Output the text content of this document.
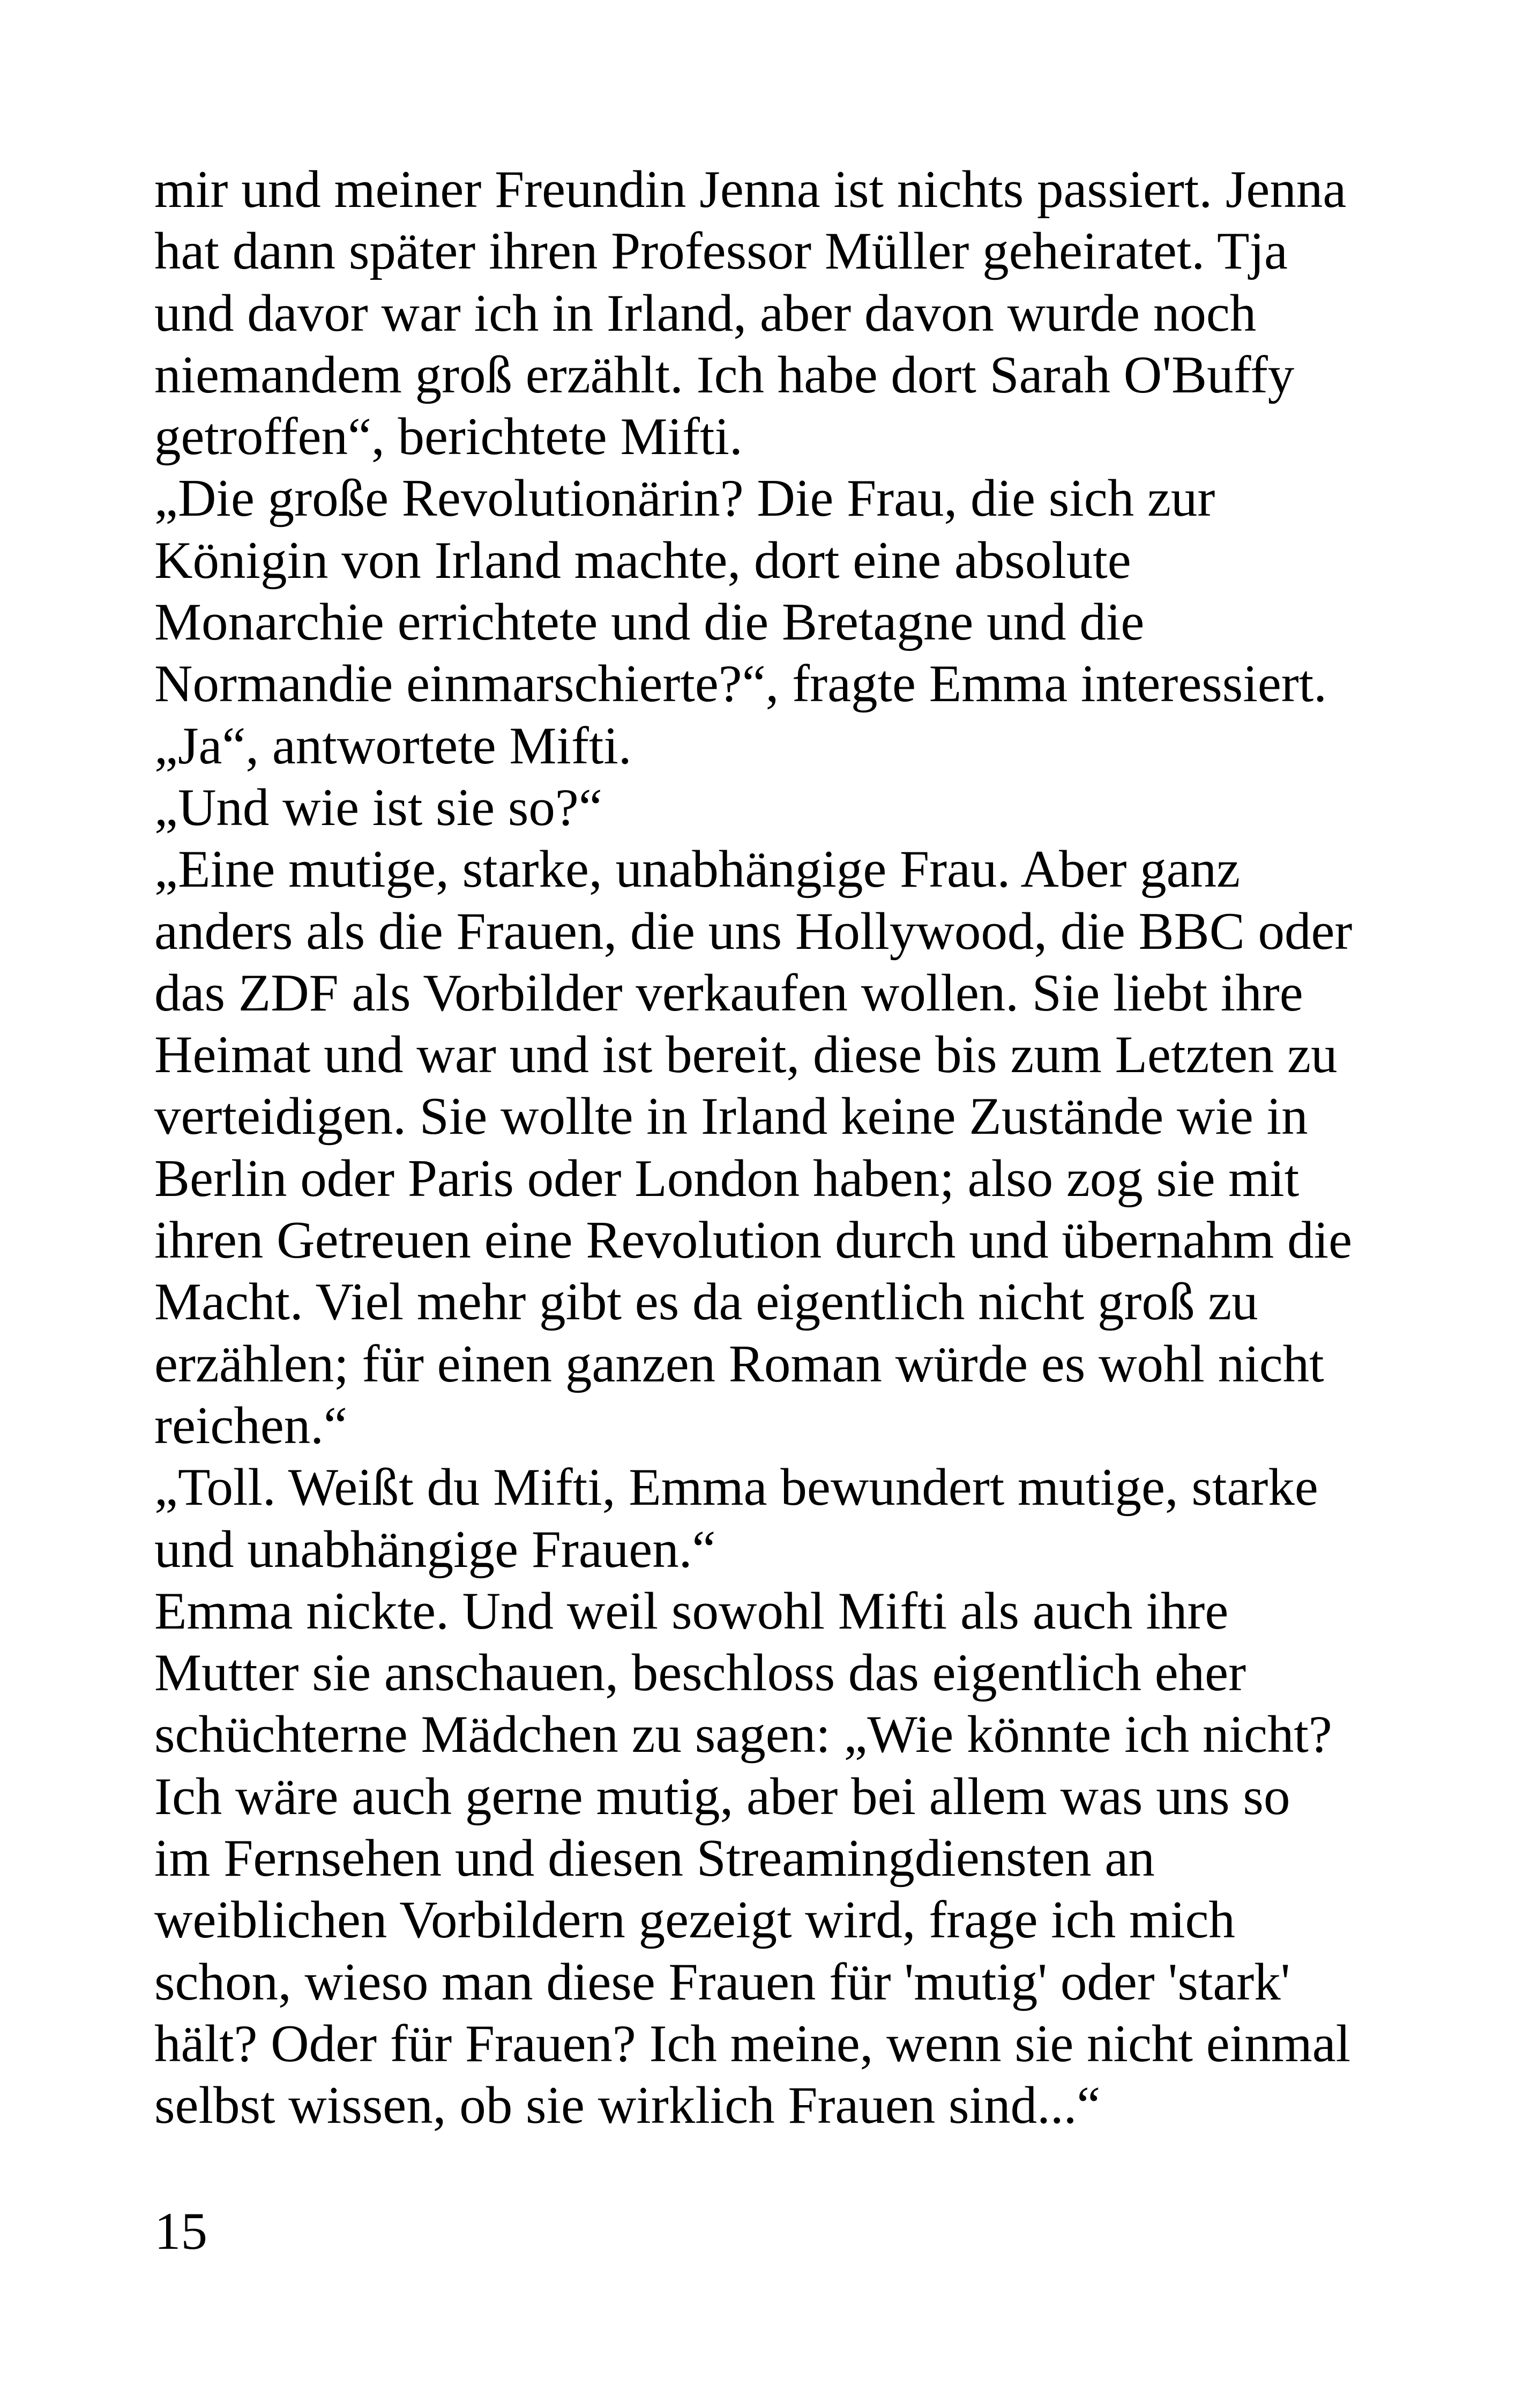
mir und meiner Freundin Jenna ist nichts passiert. Jenna
hat dann später ihren Professor Müller geheiratet. Tja
und davor war ich in Irland, aber davon wurde noch
niemandem groß erzählt. Ich habe dort Sarah O'Buffy
getroffen“, berichtete Mifti.
„Die große Revolutionärin? Die Frau, die sich zur
Königin von Irland machte, dort eine absolute
Monarchie errichtete und die Bretagne und die
Normandie einmarschierte?“, fragte Emma interessiert.
„Ja“, antwortete Mifti.
„Und wie ist sie so?“
„Eine mutige, starke, unabhängige Frau. Aber ganz
anders als die Frauen, die uns Hollywood, die BBC oder
das ZDF als Vorbilder verkaufen wollen. Sie liebt ihre
Heimat und war und ist bereit, diese bis zum Letzten zu
verteidigen. Sie wollte in Irland keine Zustände wie in
Berlin oder Paris oder London haben; also zog sie mit
ihren Getreuen eine Revolution durch und übernahm die
Macht. Viel mehr gibt es da eigentlich nicht groß zu
erzählen; für einen ganzen Roman würde es wohl nicht
reichen.“
„Toll. Weißt du Mifti, Emma bewundert mutige, starke
und unabhängige Frauen.“
Emma nickte. Und weil sowohl Mifti als auch ihre
Mutter sie anschauen, beschloss das eigentlich eher
schüchterne Mädchen zu sagen: „Wie könnte ich nicht?
Ich wäre auch gerne mutig, aber bei allem was uns so
im Fernsehen und diesen Streamingdiensten an
weiblichen Vorbildern gezeigt wird, frage ich mich
schon, wieso man diese Frauen für 'mutig' oder 'stark'
hält? Oder für Frauen? Ich meine, wenn sie nicht einmal
selbst wissen, ob sie wirklich Frauen sind...“
15
